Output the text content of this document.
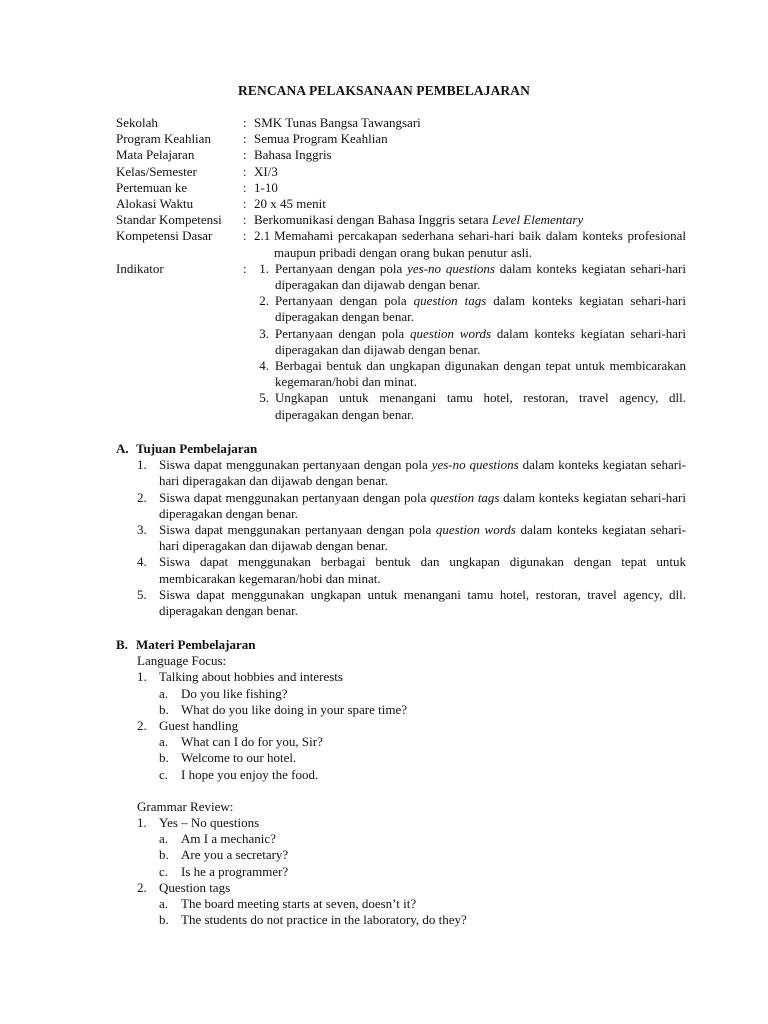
RENCANA PELAKSANAAN PEMBELAJARAN
Sekolah	: SMK Tunas Bangsa Tawangsari
Program Keahlian : Semua Program Keahlian
Mata Pelajaran	: Bahasa Inggris
Kelas/Semester	: XI/3
Pertemuan ke	: 1-10
Alokasi Waktu	: 20 x 45 menit
Standar Kompetensi : Berkomunikasi dengan Bahasa Inggris setara Level Elementary
Kompetensi Dasar : 2.1 Memahami percakapan sederhana sehari-hari baik dalam konteks profesional maupun pribadi dengan orang bukan penutur asli.
Indikator	: 1. Pertanyaan dengan pola yes-no questions dalam konteks kegiatan sehari-hari diperagakan dan dijawab dengan benar.
2. Pertanyaan dengan pola question tags dalam konteks kegiatan sehari-hari diperagakan dengan benar.
3. Pertanyaan dengan pola question words dalam konteks kegiatan sehari-hari diperagakan dan dijawab dengan benar.
4. Berbagai bentuk dan ungkapan digunakan dengan tepat untuk membicarakan kegemaran/hobi dan minat.
5. Ungkapan untuk menangani tamu hotel, restoran, travel agency, dll. diperagakan dengan benar.
A. Tujuan Pembelajaran
1. Siswa dapat menggunakan pertanyaan dengan pola yes-no questions dalam konteks kegiatan sehari-hari diperagakan dan dijawab dengan benar.
2. Siswa dapat menggunakan pertanyaan dengan pola question tags dalam konteks kegiatan sehari-hari diperagakan dengan benar.
3. Siswa dapat menggunakan pertanyaan dengan pola question words dalam konteks kegiatan sehari-hari diperagakan dan dijawab dengan benar.
4. Siswa dapat menggunakan berbagai bentuk dan ungkapan digunakan dengan tepat untuk membicarakan kegemaran/hobi dan minat.
5. Siswa dapat menggunakan ungkapan untuk menangani tamu hotel, restoran, travel agency, dll. diperagakan dengan benar.
B. Materi Pembelajaran
Language Focus:
1. Talking about hobbies and interests
a. Do you like fishing?
b. What do you like doing in your spare time?
2. Guest handling
a. What can I do for you, Sir?
b. Welcome to our hotel.
c. I hope you enjoy the food.
Grammar Review:
1. Yes – No questions
a. Am I a mechanic?
b. Are you a secretary?
c. Is he a programmer?
2. Question tags
a. The board meeting starts at seven, doesn’t it?
b. The students do not practice in the laboratory, do they?
